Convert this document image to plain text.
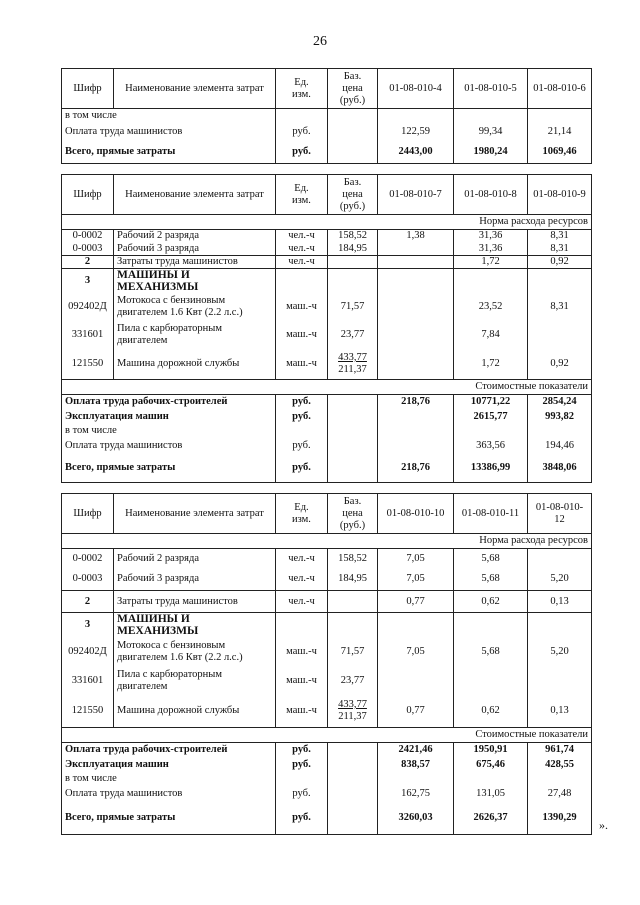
26
Шифр	Наименование элемента затрат	Ед.
изм.	Баз.
цена
(руб.)	01-08-010-4	01-08-010-5	01-08-010-6
в том числе						
Оплата труда машинистов		руб.		122,59	99,34	21,14
Всего, прямые затраты		руб.		2443,00	1980,24	1069,46
Шифр	Наименование элемента затрат	Ед.
изм.	Баз.
цена
(руб.)	01-08-010-7	01-08-010-8	01-08-010-9
Норма расхода ресурсов						
0-0002	Рабочий 2 разряда	чел.-ч	158,52	1,38	31,36	8,31
0-0003	Рабочий 3 разряда	чел.-ч	184,95		31,36	8,31
2	Затраты труда машинистов	чел.-ч			1,72	0,92
3	МАШИНЫ И МЕХАНИЗМЫ					
092402Д	Мотокоса с бензиновым двигателем 1.6 Квт (2.2 л.с.)	маш.-ч	71,57		23,52	8,31
331601	Пила с карбюраторным двигателем	маш.-ч	23,77		7,84	
121550	Машина дорожной службы	маш.-ч	433,77
211,37		1,72	0,92
Стоимостные показатели						
Оплата труда рабочих-строителей		руб.		218,76	10771,22	2854,24
Эксплуатация машин		руб.			2615,77	993,82
в том числе						
Оплата труда машинистов		руб.			363,56	194,46
Всего, прямые затраты		руб.		218,76	13386,99	3848,06
Шифр	Наименование элемента затрат	Ед.
изм.	Баз.
цена
(руб.)	01-08-010-10	01-08-010-11	01-08-010-12
Норма расхода ресурсов						
0-0002	Рабочий 2 разряда	чел.-ч	158,52	7,05	5,68	
0-0003	Рабочий 3 разряда	чел.-ч	184,95	7,05	5,68	5,20
2	Затраты труда машинистов	чел.-ч		0,77	0,62	0,13
3	МАШИНЫ И МЕХАНИЗМЫ					
092402Д	Мотокоса с бензиновым двигателем 1.6 Квт (2.2 л.с.)	маш.-ч	71,57	7,05	5,68	5,20
331601	Пила с карбюраторным двигателем	маш.-ч	23,77			
121550	Машина дорожной службы	маш.-ч	433,77
211,37	0,77	0,62	0,13
Стоимостные показатели						
Оплата труда рабочих-строителей		руб.		2421,46	1950,91	961,74
Эксплуатация машин		руб.		838,57	675,46	428,55
в том числе						
Оплата труда машинистов		руб.		162,75	131,05	27,48
Всего, прямые затраты		руб.		3260,03	2626,37	1390,29
».
